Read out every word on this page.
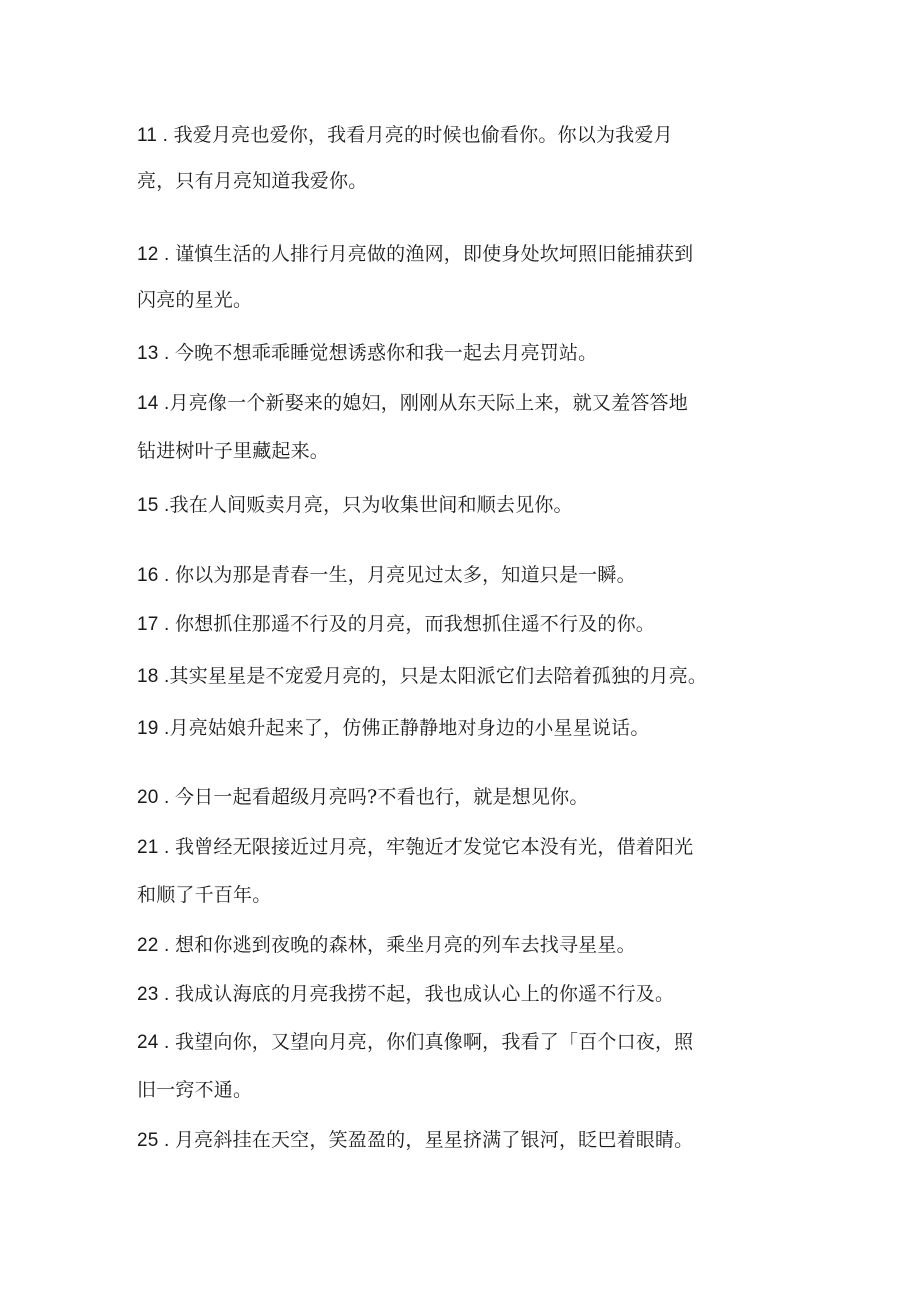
11 . 我爱月亮也爱你，我看月亮的时候也偷看你。你以为我爱月
亮，只有月亮知道我爱你。
12 . 谨慎生活的人排行月亮做的渔网，即使身处坎坷照旧能捕获到
闪亮的星光。
13 . 今晚不想乖乖睡觉想诱惑你和我一起去月亮罚站。
14 .月亮像一个新娶来的媳妇，刚刚从东天际上来，就又羞答答地
钻进树叶子里藏起来。
15 .我在人间贩卖月亮，只为收集世间和顺去见你。
16 . 你以为那是青春一生，月亮见过太多，知道只是一瞬。
17 . 你想抓住那遥不行及的月亮，而我想抓住遥不行及的你。
18 .其实星星是不宠爱月亮的，只是太阳派它们去陪着孤独的月亮。
19 .月亮姑娘升起来了，仿佛正静静地对身边的小星星说话。
20 . 今日一起看超级月亮吗?不看也行，就是想见你。
21 . 我曾经无限接近过月亮，牢匏近才发觉它本没有光，借着阳光
和顺了千百年。
22 . 想和你逃到夜晚的森林，乘坐月亮的列车去找寻星星。
23 . 我成认海底的月亮我捞不起，我也成认心上的你遥不行及。
24 . 我望向你，又望向月亮，你们真像啊，我看了「百个口夜，照
旧一窍不通。
25 . 月亮斜挂在天空，笑盈盈的，星星挤满了银河，眨巴着眼睛。
